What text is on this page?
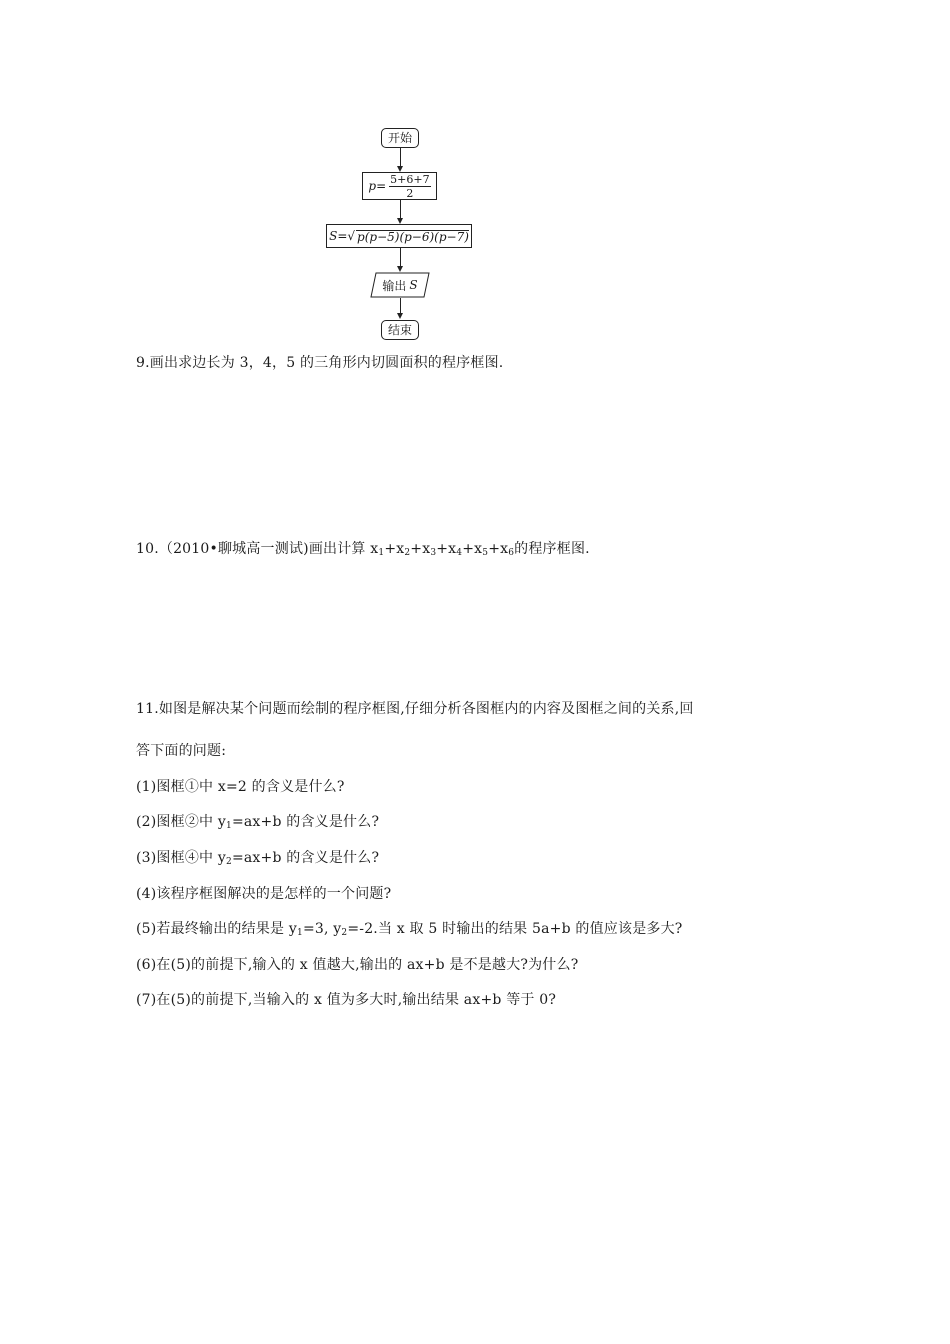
开始
$p = \frac{5+6+7}{2}$
S = √ p(p−5)(p−6)(p−7)
输出 S
结束
9.画出求边长为 3，4，5 的三角形内切圆面积的程序框图.
10.（2010•聊城高一测试)画出计算 $x_1+x_2+x_3+x_4+x_5+x_6$的程序框图.
11.如图是解决某个问题而绘制的程序框图,仔细分析各图框内的内容及图框之间的关系,回
答下面的问题:
(1)图框①中 x=2 的含义是什么?
(2)图框②中 $y_1=ax+b$ 的含义是什么?
(3)图框④中 $y_2=ax+b$ 的含义是什么?
(4)该程序框图解决的是怎样的一个问题?
(5)若最终输出的结果是 $y_1=3$, $y_2=-2$.当 x 取 5 时输出的结果 5a+b 的值应该是多大?
(6)在(5)的前提下,输入的 x 值越大,输出的 ax+b 是不是越大?为什么?
(7)在(5)的前提下,当输入的 x 值为多大时,输出结果 ax+b 等于 0?
